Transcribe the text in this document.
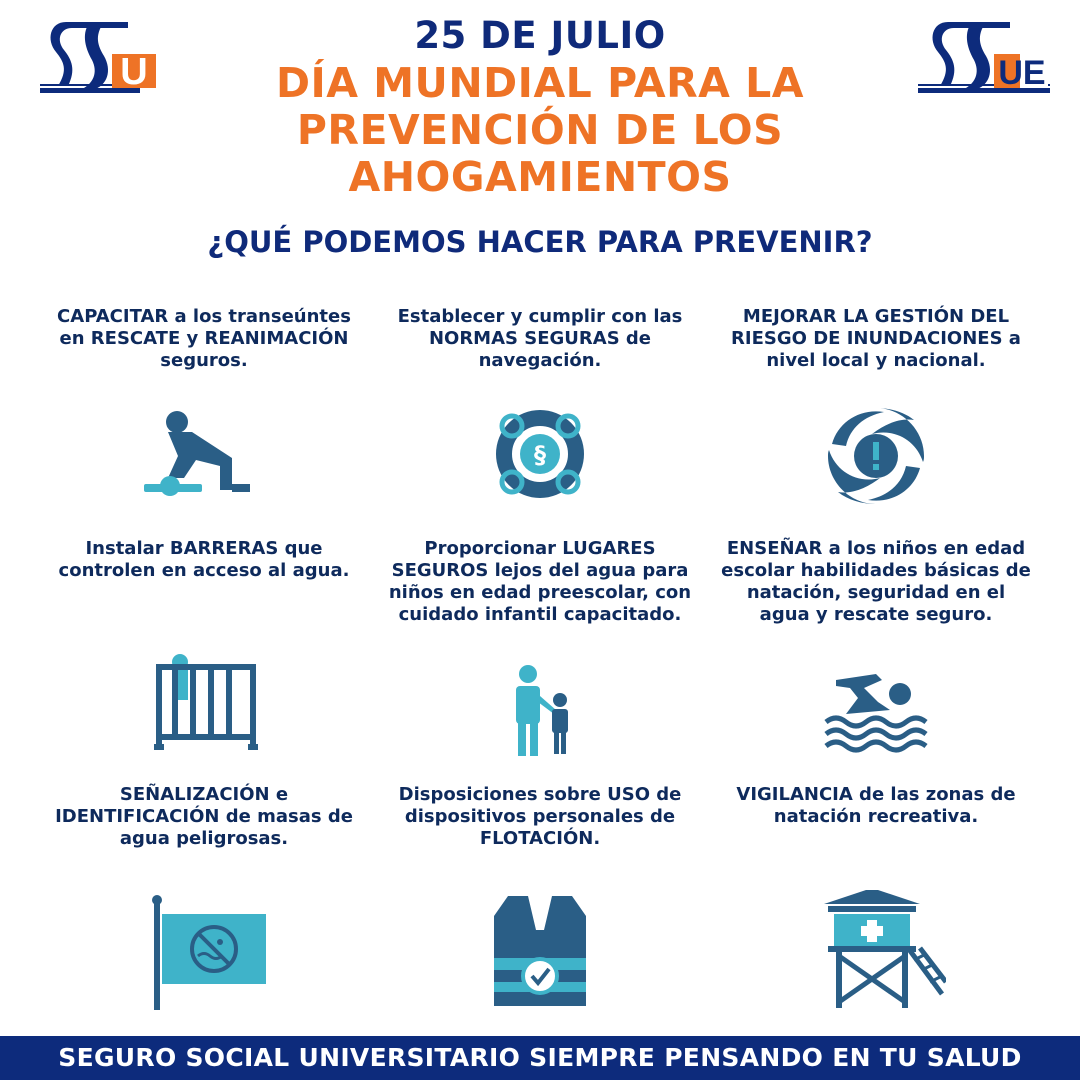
U	UE
25 DE JULIO
DÍA MUNDIAL PARA LA PREVENCIÓN DE LOS AHOGAMIENTOS
¿QUÉ PODEMOS HACER PARA PREVENIR?
CAPACITAR a los transeúntes en RESCATE y REANIMACIÓN seguros.
Establecer y cumplir con las NORMAS SEGURAS de navegación.
§
MEJORAR LA GESTIÓN DEL RIESGO DE INUNDACIONES a nivel local y nacional.
Instalar BARRERAS que controlen en acceso al agua.
Proporcionar LUGARES SEGUROS lejos del agua para niños en edad preescolar, con cuidado infantil capacitado.
ENSEÑAR a los niños en edad escolar habilidades básicas de natación, seguridad en el agua y rescate seguro.
SEÑALIZACIÓN e IDENTIFICACIÓN de masas de agua peligrosas.
Disposiciones sobre USO de dispositivos personales de FLOTACIÓN.
VIGILANCIA de las zonas de natación recreativa.
SEGURO SOCIAL UNIVERSITARIO SIEMPRE PENSANDO EN TU SALUD
